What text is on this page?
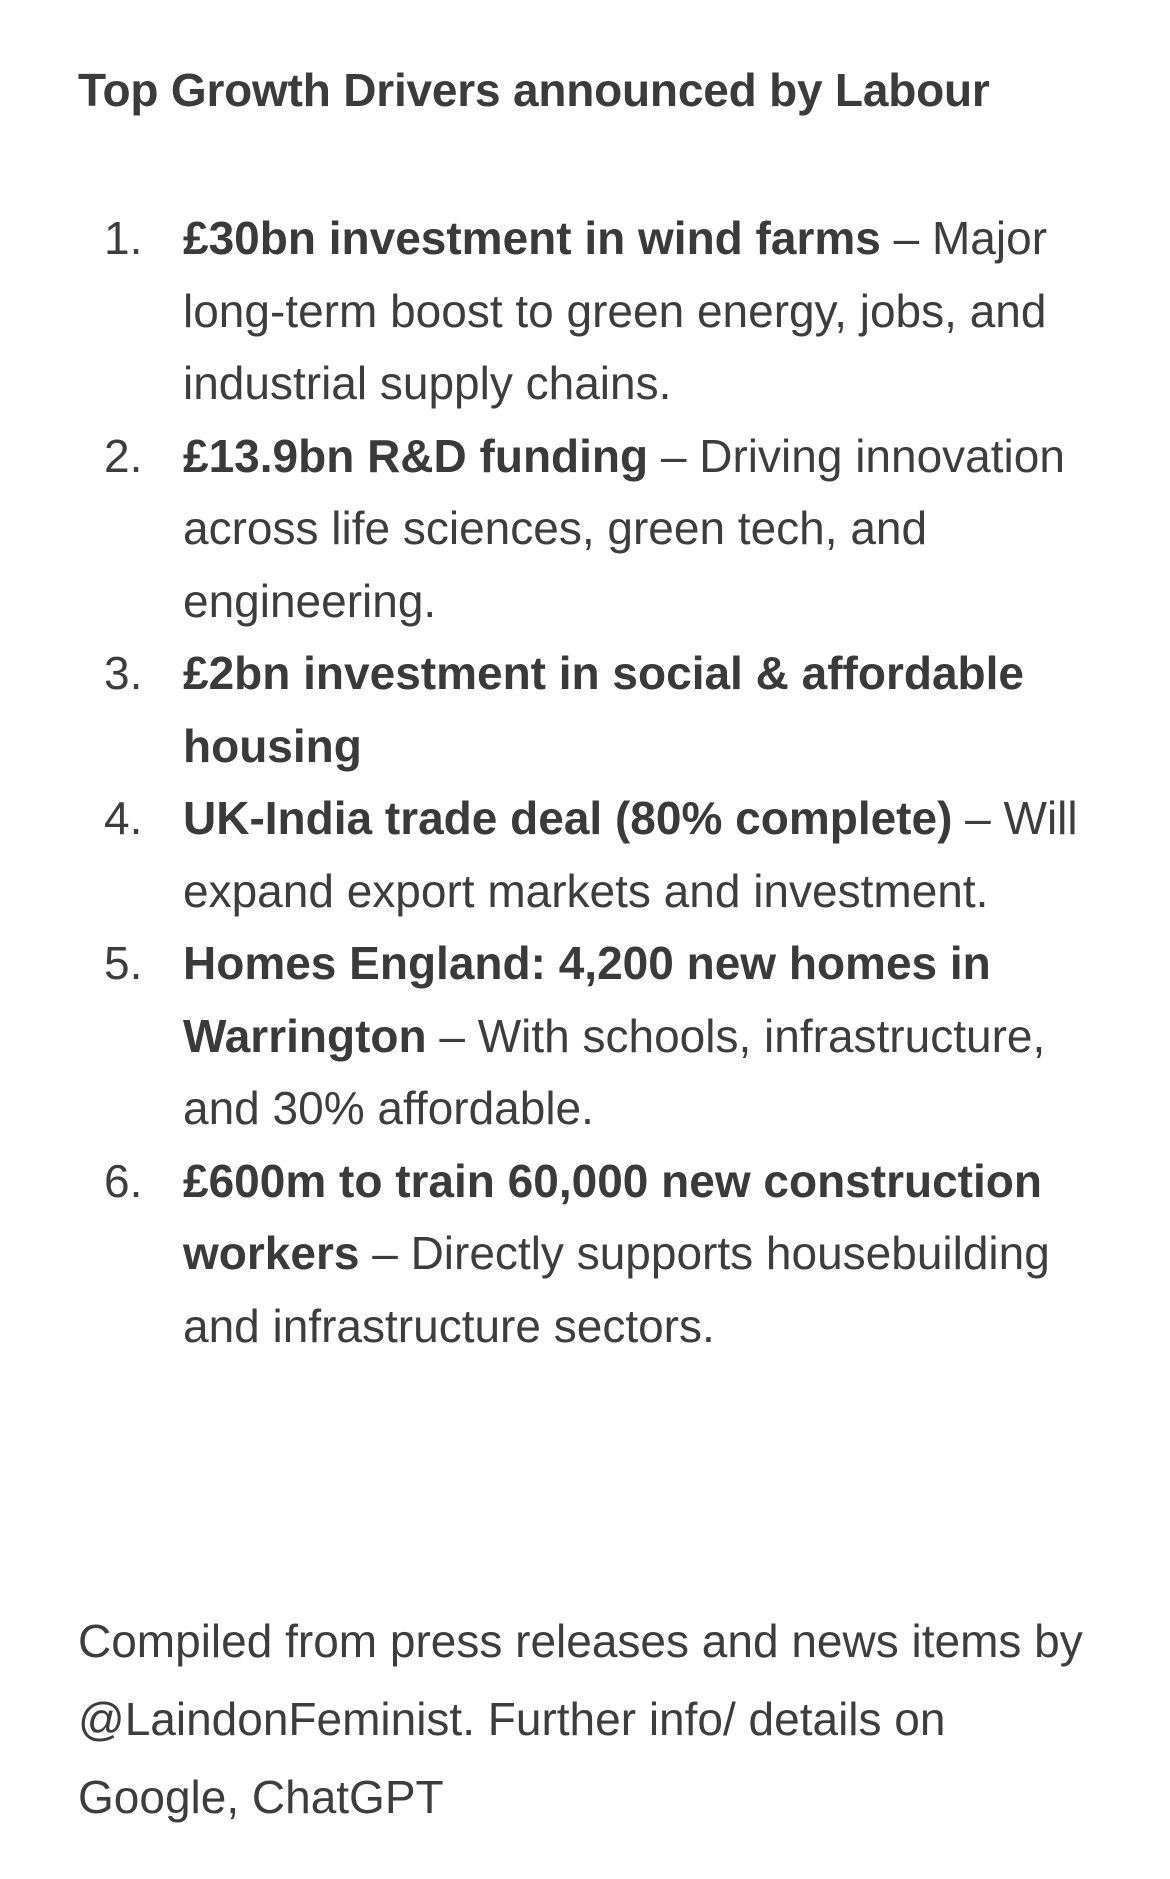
Top Growth Drivers announced by Labour
1. £30bn investment in wind farms – Major long-term boost to green energy, jobs, and industrial supply chains.
2. £13.9bn R&D funding – Driving innovation across life sciences, green tech, and engineering.
3. £2bn investment in social & affordable housing
4. UK-India trade deal (80% complete) – Will expand export markets and investment.
5. Homes England: 4,200 new homes in Warrington – With schools, infrastructure, and 30% affordable.
6. £600m to train 60,000 new construction workers – Directly supports housebuilding and infrastructure sectors.

Compiled from press releases and news items by @LaindonFeminist. Further info/ details on Google, ChatGPT
